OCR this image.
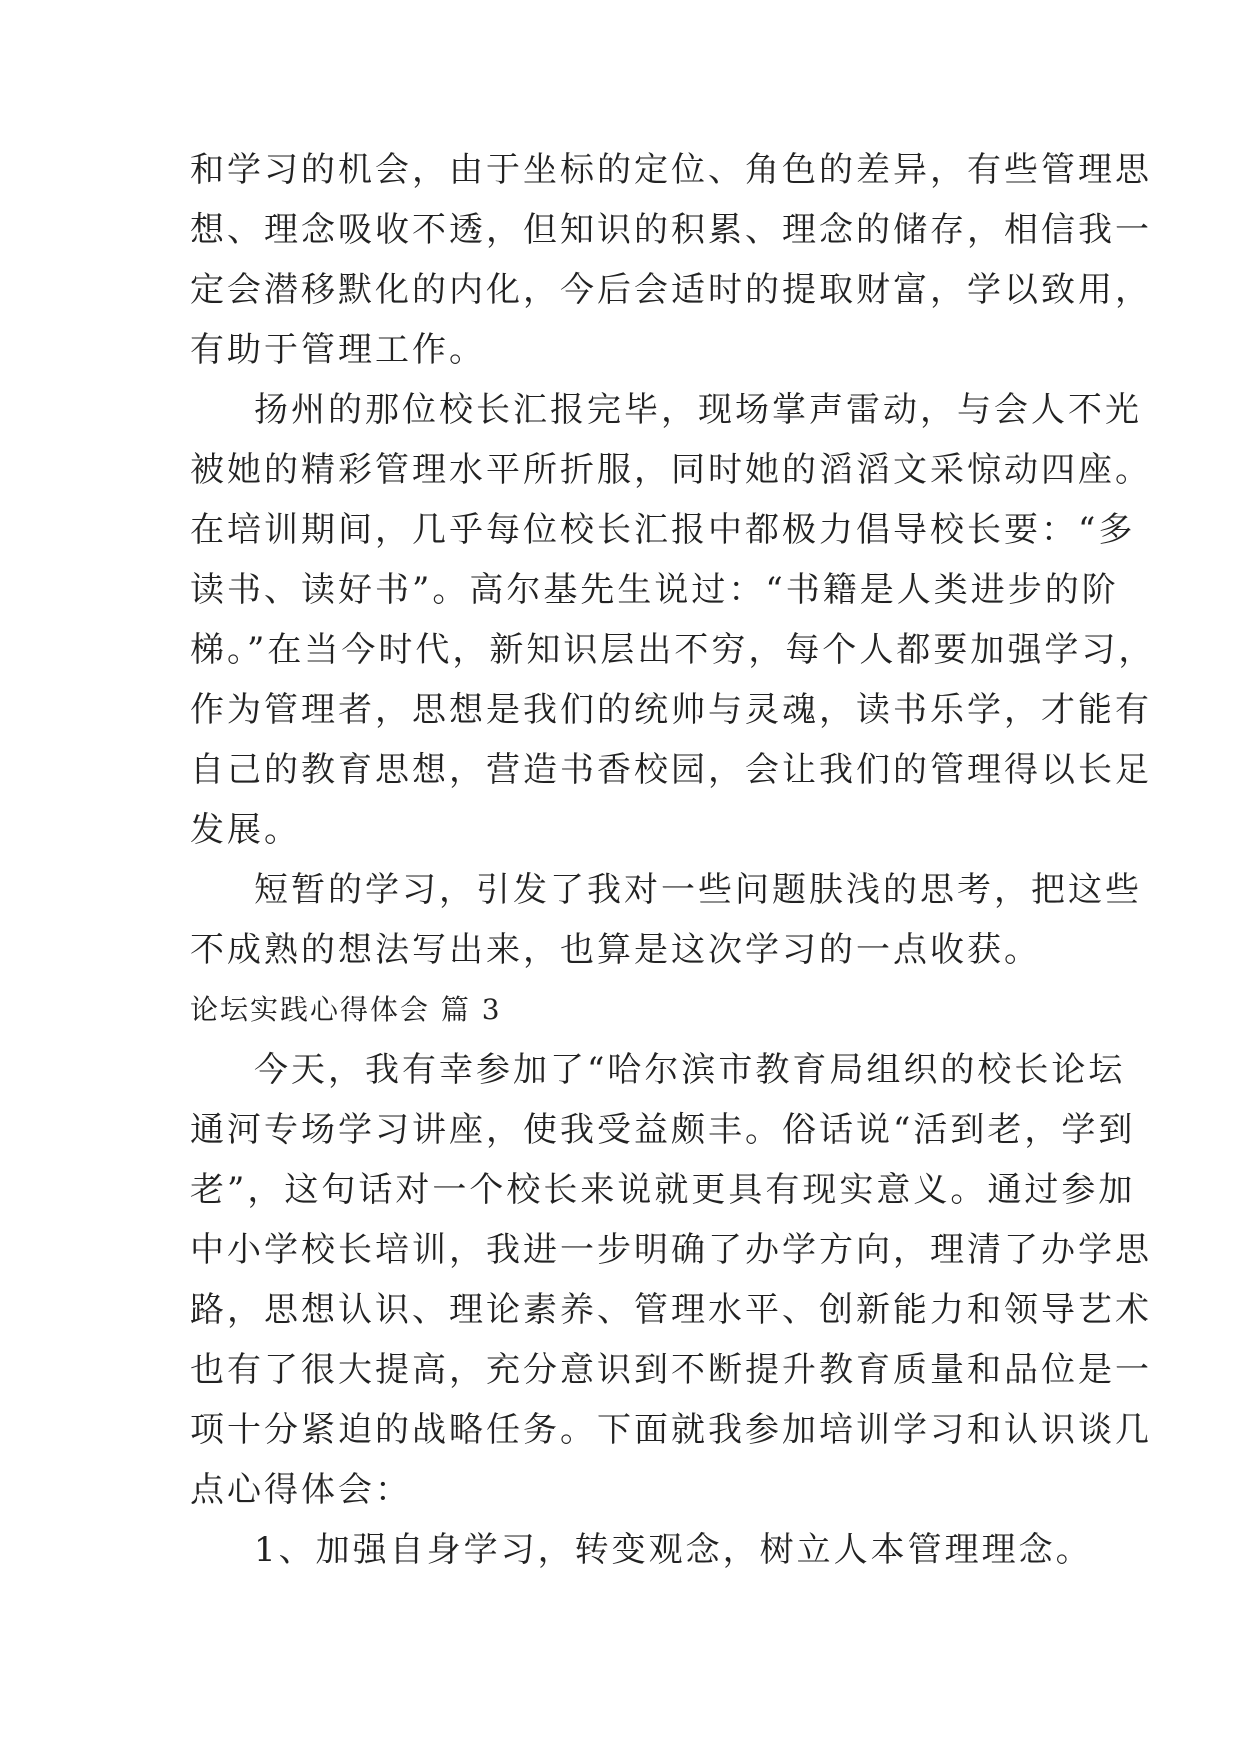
和学习的机会，由于坐标的定位、角色的差异，有些管理思
想、理念吸收不透，但知识的积累、理念的储存，相信我一
定会潜移默化的内化，今后会适时的提取财富，学以致用，
有助于管理工作。
扬州的那位校长汇报完毕，现场掌声雷动，与会人不光
被她的精彩管理水平所折服，同时她的滔滔文采惊动四座。
在培训期间，几乎每位校长汇报中都极力倡导校长要：“多
读书、读好书”。高尔基先生说过：“书籍是人类进步的阶
梯。”在当今时代，新知识层出不穷，每个人都要加强学习，
作为管理者，思想是我们的统帅与灵魂，读书乐学，才能有
自己的教育思想，营造书香校园，会让我们的管理得以长足
发展。
短暂的学习，引发了我对一些问题肤浅的思考，把这些
不成熟的想法写出来，也算是这次学习的一点收获。
论坛实践心得体会 篇 3
今天，我有幸参加了“哈尔滨市教育局组织的校长论坛
通河专场学习讲座，使我受益颇丰。俗话说“活到老，学到
老”，这句话对一个校长来说就更具有现实意义。通过参加
中小学校长培训，我进一步明确了办学方向，理清了办学思
路，思想认识、理论素养、管理水平、创新能力和领导艺术
也有了很大提高，充分意识到不断提升教育质量和品位是一
项十分紧迫的战略任务。下面就我参加培训学习和认识谈几
点心得体会：
1、加强自身学习，转变观念，树立人本管理理念。
